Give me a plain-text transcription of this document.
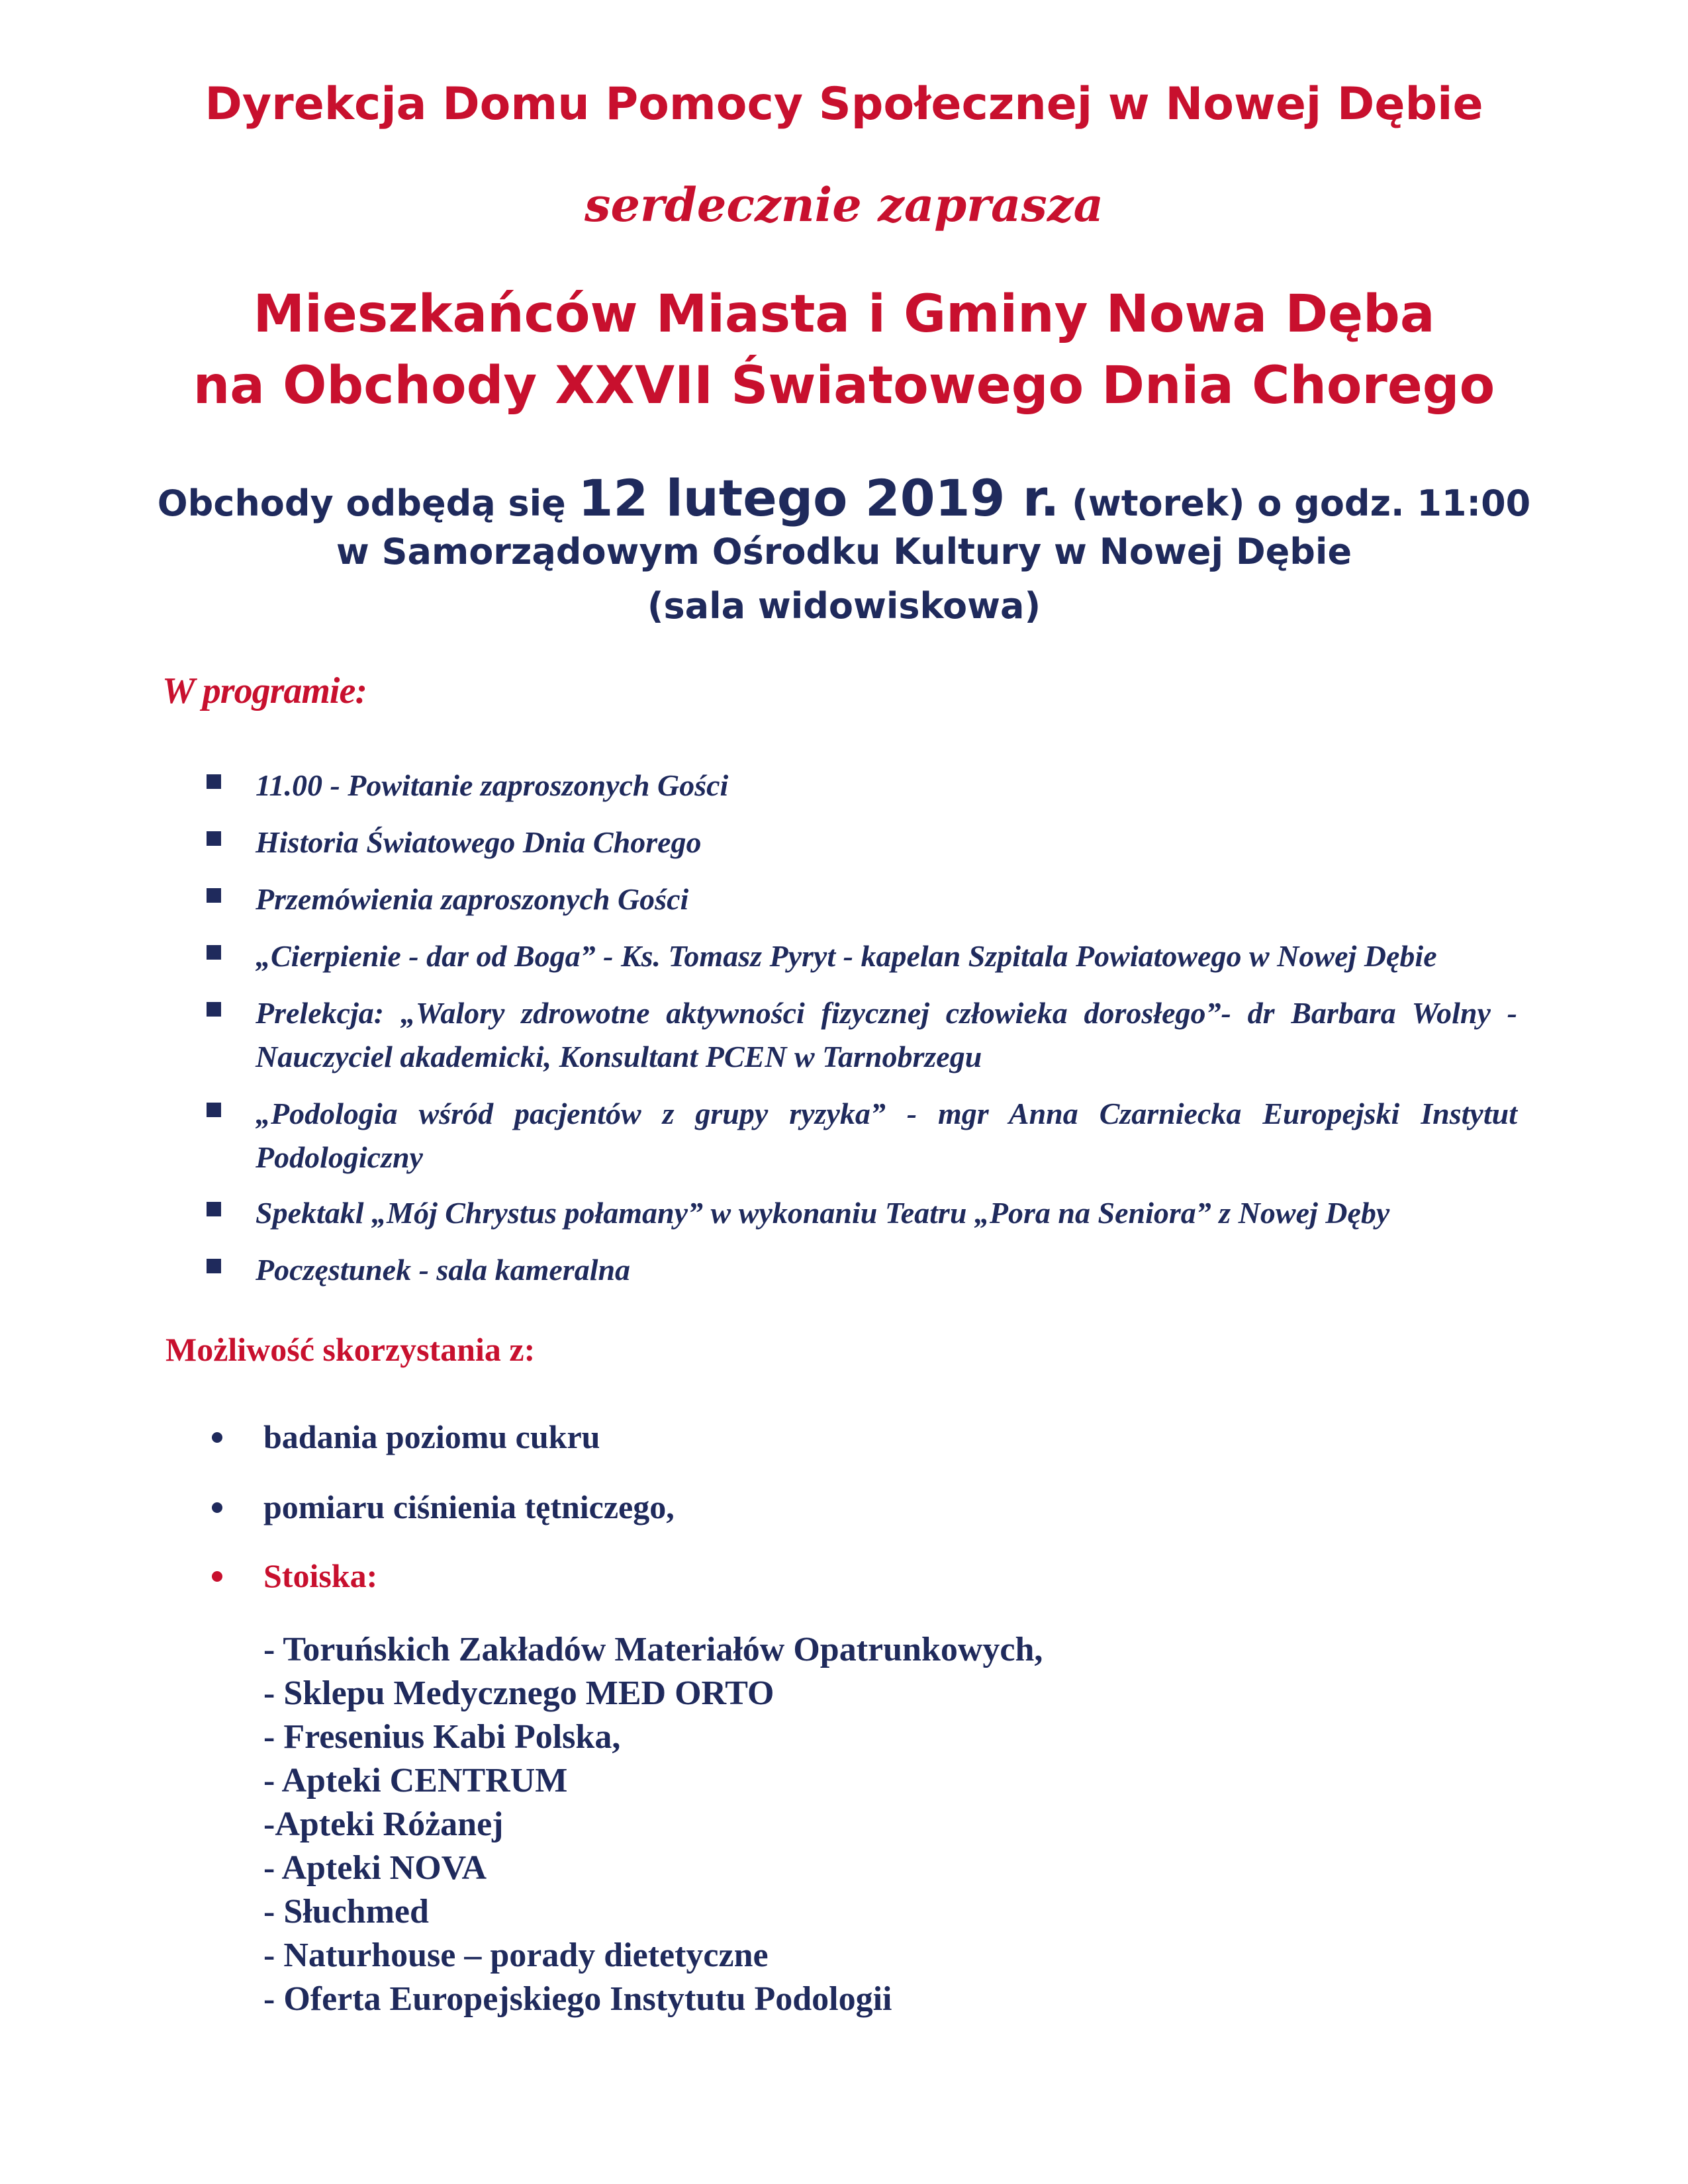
Dyrekcja Domu Pomocy Społecznej w Nowej Dębie
serdecznie zaprasza
Mieszkańców Miasta i Gminy Nowa Dęba
na Obchody XXVII Światowego Dnia Chorego
Obchody odbędą się 12 lutego 2019 r. (wtorek) o godz. 11:00
w Samorządowym Ośrodku Kultury w Nowej Dębie
(sala widowiskowa)
W programie:
11.00 - Powitanie zaproszonych Gości
Historia Światowego Dnia Chorego
Przemówienia zaproszonych Gości
„Cierpienie - dar od Boga” - Ks. Tomasz Pyryt - kapelan Szpitala Powiatowego w Nowej Dębie
Prelekcja: „Walory zdrowotne aktywności fizycznej człowieka dorosłego”- dr Barbara Wolny - Nauczyciel akademicki, Konsultant PCEN w Tarnobrzegu
„Podologia wśród pacjentów z grupy ryzyka” - mgr Anna Czarniecka Europejski Instytut Podologiczny
Spektakl „Mój Chrystus połamany” w wykonaniu Teatru „Pora na Seniora” z Nowej Dęby
Poczęstunek - sala kameralna
Możliwość skorzystania z:
badania poziomu cukru
pomiaru ciśnienia tętniczego,
Stoiska:
- Toruńskich Zakładów Materiałów Opatrunkowych,
- Sklepu Medycznego MED ORTO
- Fresenius Kabi Polska,
- Apteki CENTRUM
-Apteki Różanej
- Apteki NOVA
- Słuchmed
- Naturhouse – porady dietetyczne
- Oferta Europejskiego Instytutu Podologii
